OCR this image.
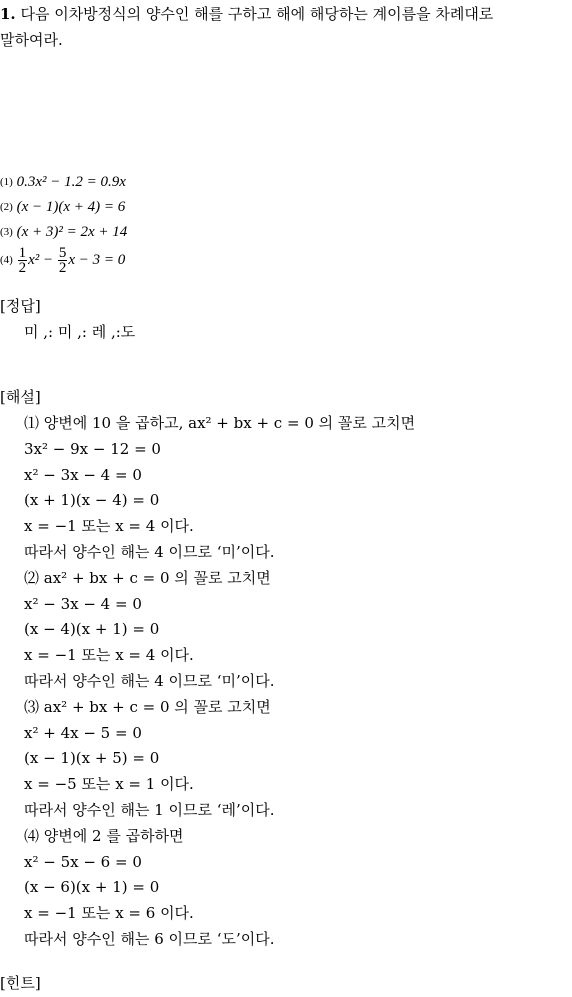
1. 다음 이차방정식의 양수인 해를 구하고 해에 해당하는 계이름을 차례대로
말하여라.
(1) 0.3x² − 1.2 = 0.9x
(2) (x − 1)(x + 4) = 6
(3) (x + 3)² = 2x + 14
$(4) \frac{1}{2} x^2 - \frac{5}{2}$ x − 3 = 0
[정답]
미 ,: 미 ,: 레 ,:도
[해설]
⑴ 양변에 10 을 곱하고, ax² + bx + c = 0 의 꼴로 고치면
3x² − 9x − 12 = 0
x² − 3x − 4 = 0
(x + 1)(x − 4) = 0
x = −1 또는 x = 4 이다.
따라서 양수인 해는 4 이므로 ‘미’이다.
⑵ ax² + bx + c = 0 의 꼴로 고치면
x² − 3x − 4 = 0
(x − 4)(x + 1) = 0
x = −1 또는 x = 4 이다.
따라서 양수인 해는 4 이므로 ‘미’이다.
⑶ ax² + bx + c = 0 의 꼴로 고치면
x² + 4x − 5 = 0
(x − 1)(x + 5) = 0
x = −5 또는 x = 1 이다.
따라서 양수인 해는 1 이므로 ‘레’이다.
⑷ 양변에 2 를 곱하하면
x² − 5x − 6 = 0
(x − 6)(x + 1) = 0
x = −1 또는 x = 6 이다.
따라서 양수인 해는 6 이므로 ‘도’이다.
[힌트]
